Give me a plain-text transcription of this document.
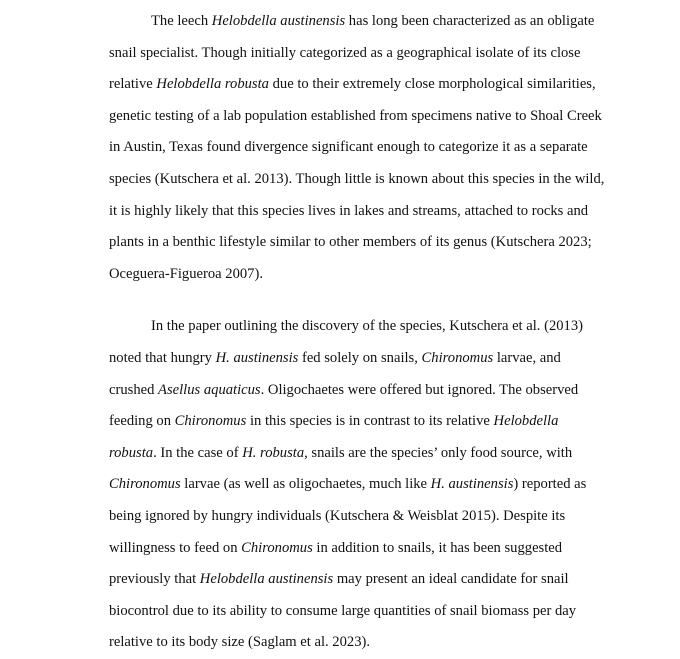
The leech Helobdella austinensis has long been characterized as an obligate snail specialist. Though initially categorized as a geographical isolate of its close relative Helobdella robusta due to their extremely close morphological similarities, genetic testing of a lab population established from specimens native to Shoal Creek in Austin, Texas found divergence significant enough to categorize it as a separate species (Kutschera et al. 2013). Though little is known about this species in the wild, it is highly likely that this species lives in lakes and streams, attached to rocks and plants in a benthic lifestyle similar to other members of its genus (Kutschera 2023; Oceguera-Figueroa 2007).

In the paper outlining the discovery of the species, Kutschera et al. (2013) noted that hungry H. austinensis fed solely on snails, Chironomus larvae, and crushed Asellus aquaticus. Oligochaetes were offered but ignored. The observed feeding on Chironomus in this species is in contrast to its relative Helobdella robusta. In the case of H. robusta, snails are the species’ only food source, with Chironomus larvae (as well as oligochaetes, much like H. austinensis) reported as being ignored by hungry individuals (Kutschera & Weisblat 2015). Despite its willingness to feed on Chironomus in addition to snails, it has been suggested previously that Helobdella austinensis may present an ideal candidate for snail biocontrol due to its ability to consume large quantities of snail biomass per day relative to its body size (Saglam et al. 2023).
